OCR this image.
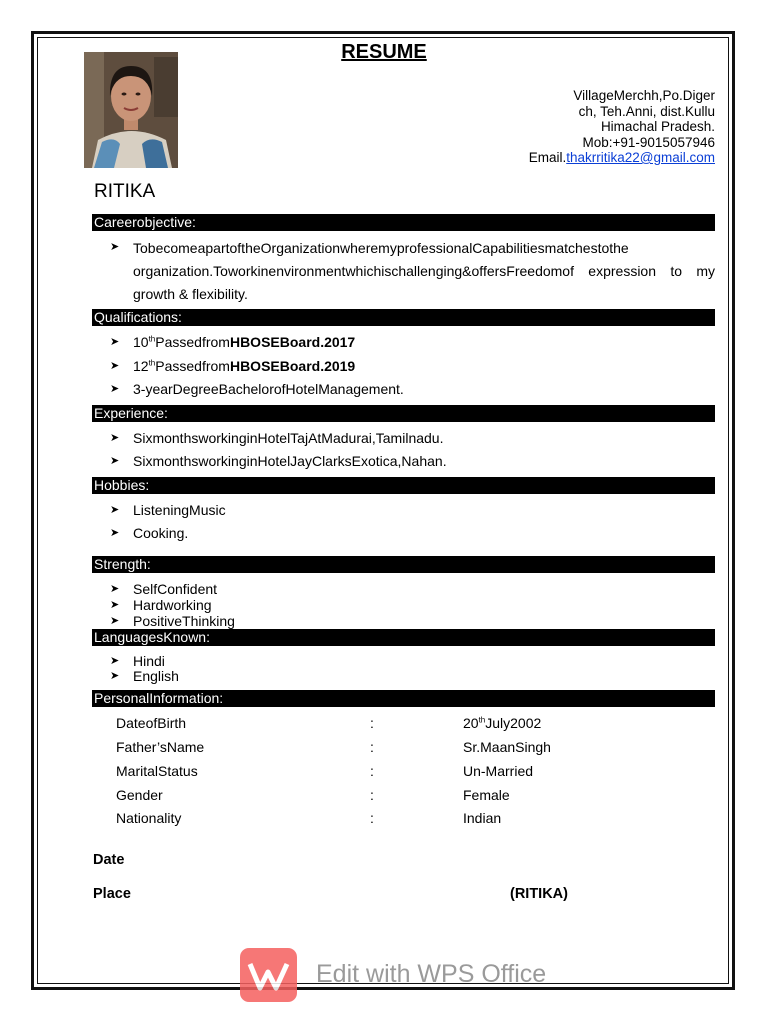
RESUME
VillageMerchh,Po.Diger
ch, Teh.Anni, dist.Kullu
Himachal Pradesh.
Mob:+91-9015057946
Email.thakrritika22@gmail.com
RITIKA
Careerobjective:
➤ TobecomeapartoftheOrganizationwheremyprofessionalCapabilitiesmatchestothe organization.Toworkinenvironmentwhichischallenging&offersFreedomof expression to my growth & flexibility.
Qualifications:
➤ 10thPassedfromHBOSEBoard.2017
➤ 12thPassedfromHBOSEBoard.2019
➤ 3-yearDegreeBachelorofHotelManagement.
Experience:
➤ SixmonthsworkinginHotelTajAtMadurai,Tamilnadu.
➤ SixmonthsworkinginHotelJayClarksExotica,Nahan.
Hobbies:
➤ ListeningMusic
➤ Cooking.
Strength:
➤ SelfConfident
➤ Hardworking
➤ PositiveThinking
LanguagesKnown:
➤ Hindi
➤ English
PersonalInformation:
DateofBirth	:	20thJuly2002
Father’sName	:	Sr.MaanSingh
MaritalStatus	:	Un-Married
Gender	:	Female
Nationality	:	Indian
Date
Place	(RITIKA)
Edit with WPS Office
